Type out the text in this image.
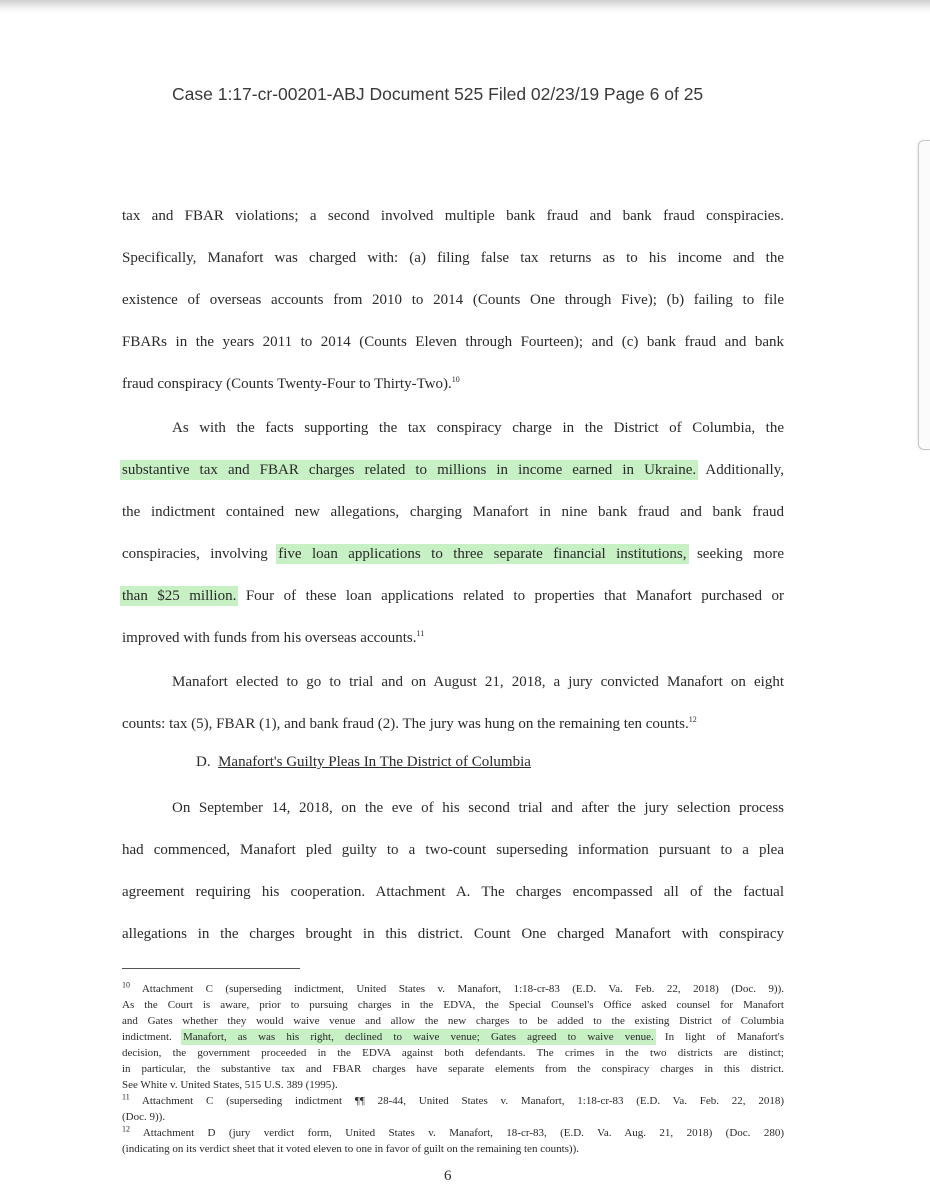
Case 1:17-cr-00201-ABJ Document 525 Filed 02/23/19 Page 6 of 25
tax and FBAR violations; a second involved multiple bank fraud and bank fraud conspiracies.
Specifically, Manafort was charged with: (a) filing false tax returns as to his income and the
existence of overseas accounts from 2010 to 2014 (Counts One through Five); (b) failing to file
FBARs in the years 2011 to 2014 (Counts Eleven through Fourteen); and (c) bank fraud and bank
fraud conspiracy (Counts Twenty-Four to Thirty-Two).$^{10}$
As with the facts supporting the tax conspiracy charge in the District of Columbia, the
substantive tax and FBAR charges related to millions in income earned in Ukraine. Additionally,
the indictment contained new allegations, charging Manafort in nine bank fraud and bank fraud
conspiracies, involving five loan applications to three separate financial institutions, seeking more
than $25 million. Four of these loan applications related to properties that Manafort purchased or
improved with funds from his overseas accounts.$^{11}$
Manafort elected to go to trial and on August 21, 2018, a jury convicted Manafort on eight
counts: tax (5), FBAR (1), and bank fraud (2). The jury was hung on the remaining ten counts.$^{12}$
D. Manafort's Guilty Pleas In The District of Columbia
On September 14, 2018, on the eve of his second trial and after the jury selection process
had commenced, Manafort pled guilty to a two-count superseding information pursuant to a plea
agreement requiring his cooperation. Attachment A. The charges encompassed all of the factual
allegations in the charges brought in this district. Count One charged Manafort with conspiracy
$^{10}$ Attachment C (superseding indictment, United States v. Manafort, 1:18-cr-83 (E.D. Va. Feb. 22, 2018) (Doc. 9)).
As the Court is aware, prior to pursuing charges in the EDVA, the Special Counsel's Office asked counsel for Manafort
and Gates whether they would waive venue and allow the new charges to be added to the existing District of Columbia
indictment. Manafort, as was his right, declined to waive venue; Gates agreed to waive venue. In light of Manafort's
decision, the government proceeded in the EDVA against both defendants. The crimes in the two districts are distinct;
in particular, the substantive tax and FBAR charges have separate elements from the conspiracy charges in this district.
See White v. United States, 515 U.S. 389 (1995).
$^{11}$ Attachment C (superseding indictment ¶¶ 28-44, United States v. Manafort, 1:18-cr-83 (E.D. Va. Feb. 22, 2018)
(Doc. 9)).
$^{12}$ Attachment D (jury verdict form, United States v. Manafort, 18-cr-83, (E.D. Va. Aug. 21, 2018) (Doc. 280)
(indicating on its verdict sheet that it voted eleven to one in favor of guilt on the remaining ten counts)).
6
